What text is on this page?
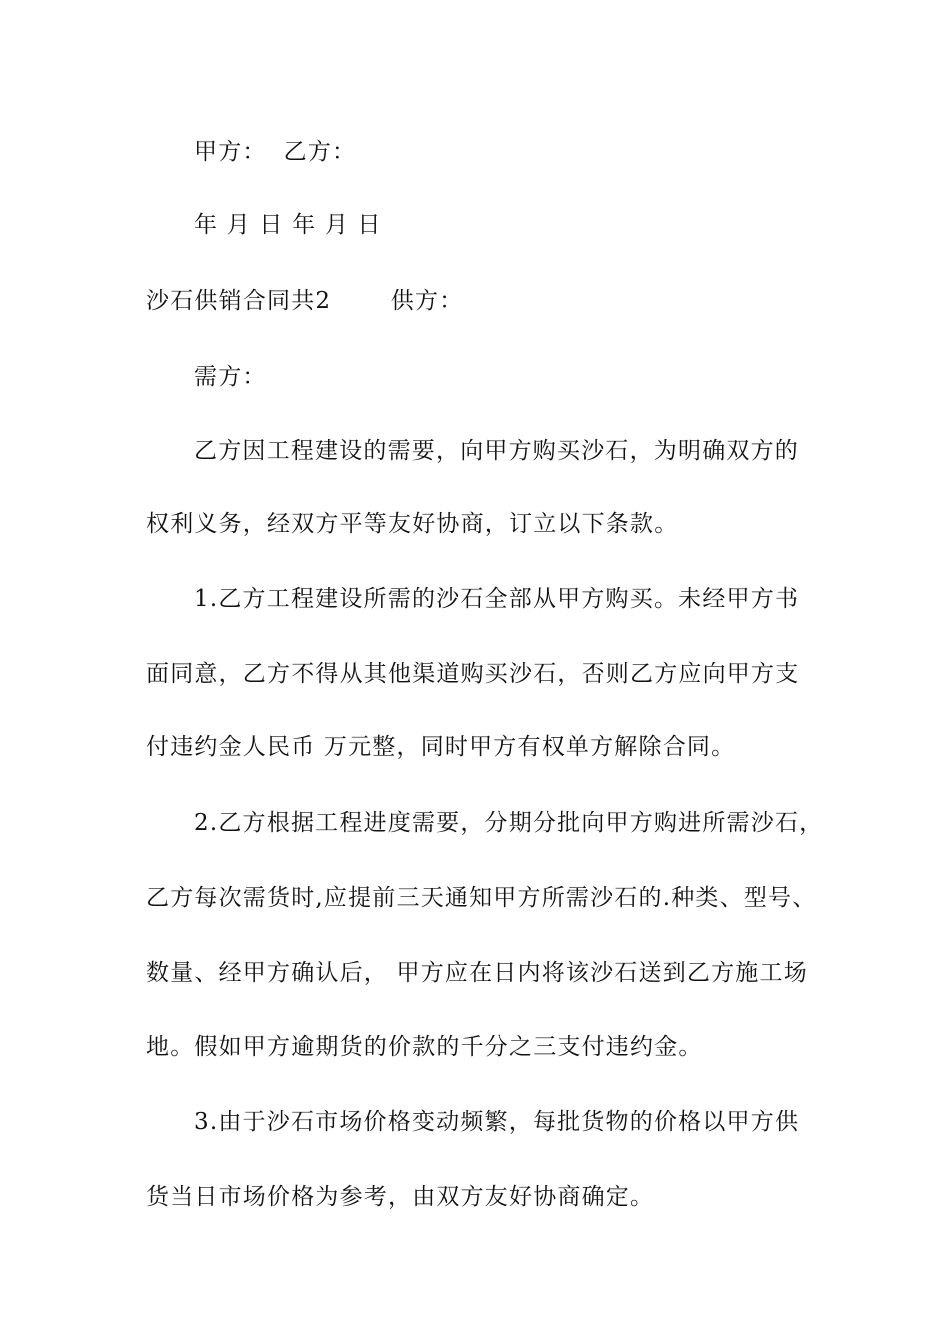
甲方：  乙方：
年 月 日 年 月 日
沙石供销合同共2       供方：
需方：
乙方因工程建设的需要，向甲方购买沙石，为明确双方的
权利义务，经双方平等友好协商，订立以下条款。
1.乙方工程建设所需的沙石全部从甲方购买。未经甲方书
面同意，乙方不得从其他渠道购买沙石，否则乙方应向甲方支
付违约金人民币 万元整，同时甲方有权单方解除合同。
2.乙方根据工程进度需要，分期分批向甲方购进所需沙石，
乙方每次需货时,应提前三天通知甲方所需沙石的.种类、型号、
数量、经甲方确认后， 甲方应在日内将该沙石送到乙方施工场
地。假如甲方逾期货的价款的千分之三支付违约金。
3.由于沙石市场价格变动频繁，每批货物的价格以甲方供
货当日市场价格为参考，由双方友好协商确定。
